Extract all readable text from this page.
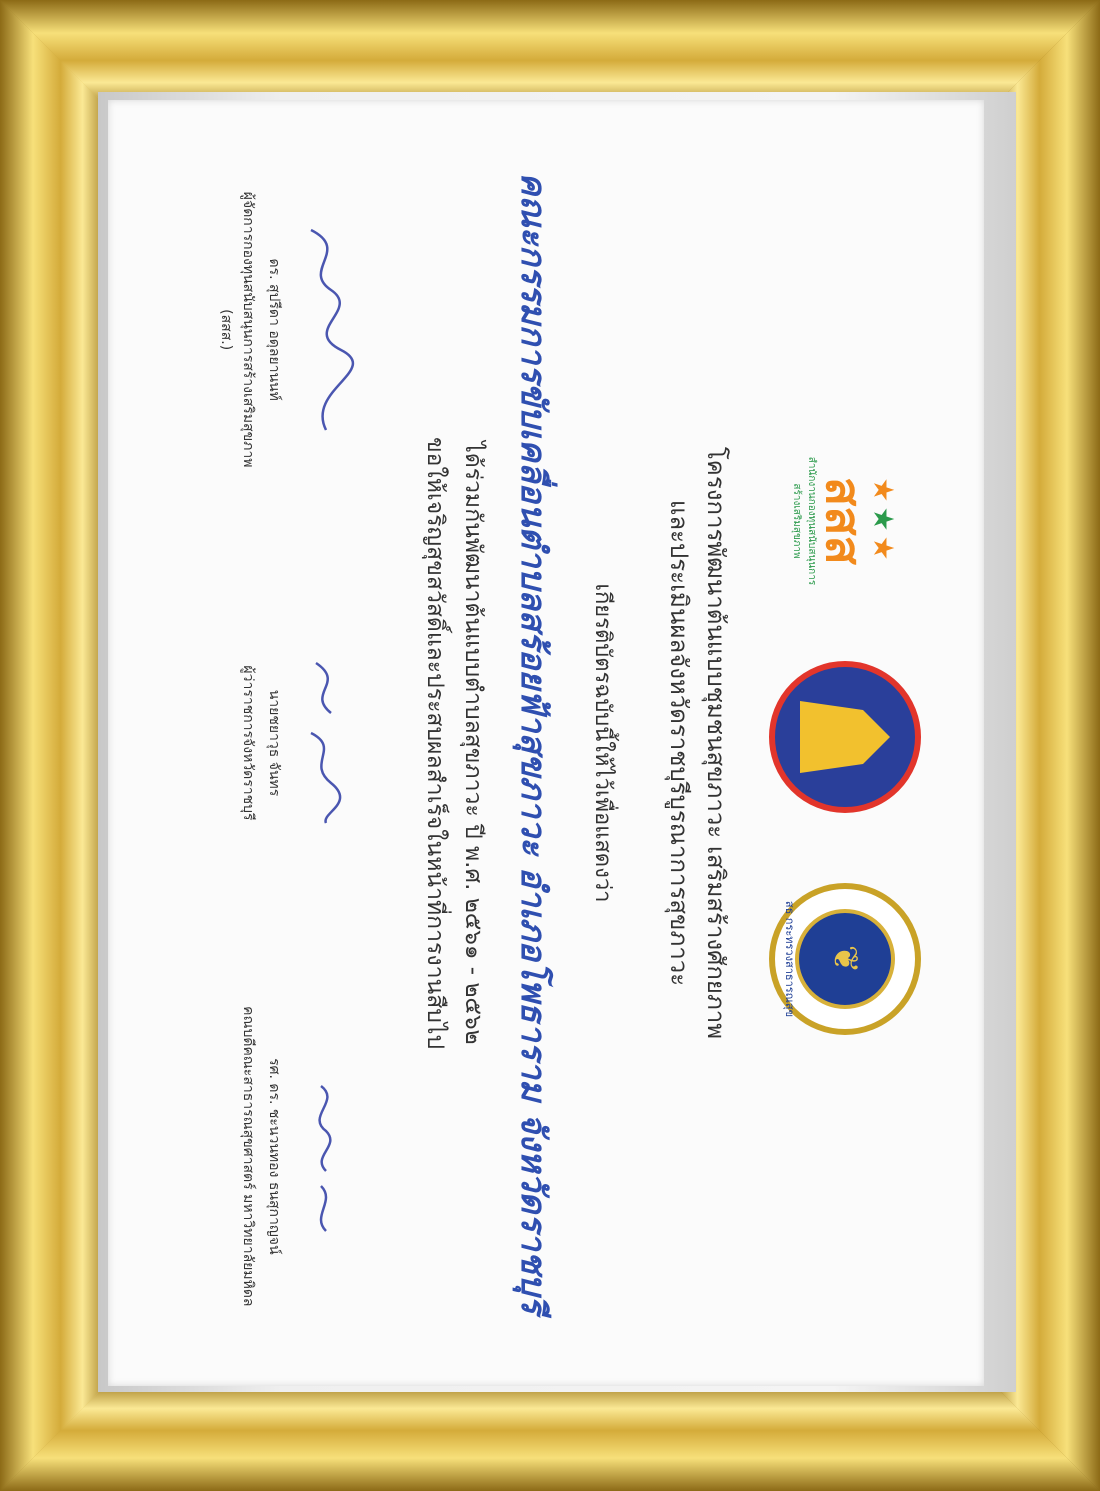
★★★
สสส
สำนักงานกองทุนสนับสนุนการสร้างเสริมสุขภาพ
❦
สธ กระทรวงสาธารณสุข
โครงการพัฒนาต้นแบบชุมชนสุขภาวะ เสริมสร้างศักยภาพ
และประเมินผลจังหวัดราชบุรีบูรณาการสุขภาวะ
เกียรติบัตรฉบับนี้ให้ไว้เพื่อแสดงว่า
คณะกรรมการขับเคลื่อนตำบลสร้อยฟ้าสุขภาวะ อำเภอโพธาราม จังหวัดราชบุรี
ได้ร่วมกันพัฒนาต้นแบบตำบลสุขภาวะ ปี พ.ศ. ๒๕๖๑ - ๒๕๖๒
ขอให้เจริญสุขสวัสดิ์และประสบผลสำเร็จในหน้าที่การงานสืบไป
ดร. สุปรีดา อดุลยานนท์
ผู้จัดการกองทุนสนับสนุนการสร้างเสริมสุขภาพ (สสส.)
นายชยาวุธ จันทร
ผู้ว่าราชการจังหวัดราชบุรี
รศ. ดร. ชะนวนทอง ธนสุกาญจน์
คณบดีคณะสาธารณสุขศาสตร์ มหาวิทยาลัยมหิดล
